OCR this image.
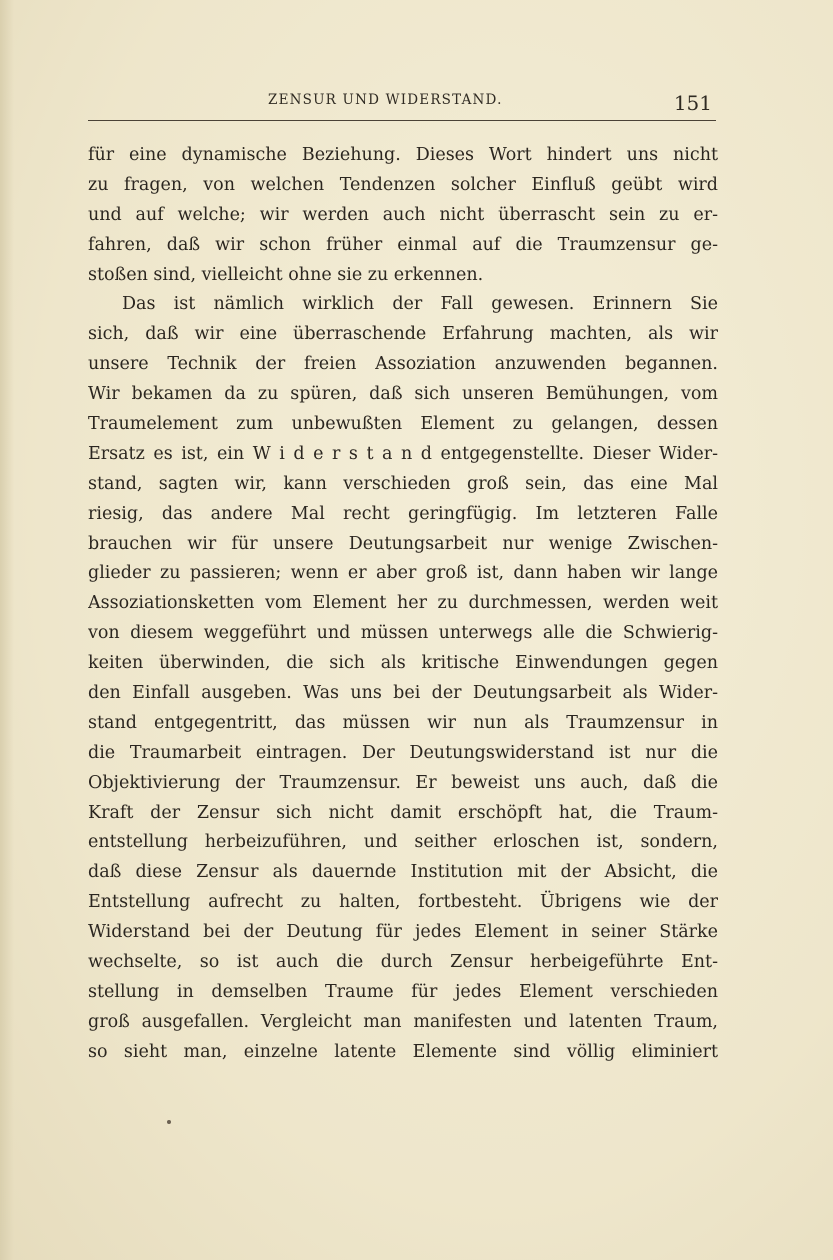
ZENSUR UND WIDERSTAND.	151
für eine dynamische Beziehung. Dieses Wort hindert uns nicht
zu fragen, von welchen Tendenzen solcher Einfluß geübt wird
und auf welche; wir werden auch nicht überrascht sein zu er-
fahren, daß wir schon früher einmal auf die Traumzensur ge-
stoßen sind, vielleicht ohne sie zu erkennen.
Das ist nämlich wirklich der Fall gewesen. Erinnern Sie
sich, daß wir eine überraschende Erfahrung machten, als wir
unsere Technik der freien Assoziation anzuwenden begannen.
Wir bekamen da zu spüren, daß sich unseren Bemühungen, vom
Traumelement zum unbewußten Element zu gelangen, dessen
Ersatz es ist, ein W i d e r s t a n d entgegenstellte. Dieser Wider-
stand, sagten wir, kann verschieden groß sein, das eine Mal
riesig, das andere Mal recht geringfügig. Im letzteren Falle
brauchen wir für unsere Deutungsarbeit nur wenige Zwischen-
glieder zu passieren; wenn er aber groß ist, dann haben wir lange
Assoziationsketten vom Element her zu durchmessen, werden weit
von diesem weggeführt und müssen unterwegs alle die Schwierig-
keiten überwinden, die sich als kritische Einwendungen gegen
den Einfall ausgeben. Was uns bei der Deutungsarbeit als Wider-
stand entgegentritt, das müssen wir nun als Traumzensur in
die Traumarbeit eintragen. Der Deutungswiderstand ist nur die
Objektivierung der Traumzensur. Er beweist uns auch, daß die
Kraft der Zensur sich nicht damit erschöpft hat, die Traum-
entstellung herbeizuführen, und seither erloschen ist, sondern,
daß diese Zensur als dauernde Institution mit der Absicht, die
Entstellung aufrecht zu halten, fortbesteht. Übrigens wie der
Widerstand bei der Deutung für jedes Element in seiner Stärke
wechselte, so ist auch die durch Zensur herbeigeführte Ent-
stellung in demselben Traume für jedes Element verschieden
groß ausgefallen. Vergleicht man manifesten und latenten Traum,
so sieht man, einzelne latente Elemente sind völlig eliminiert
